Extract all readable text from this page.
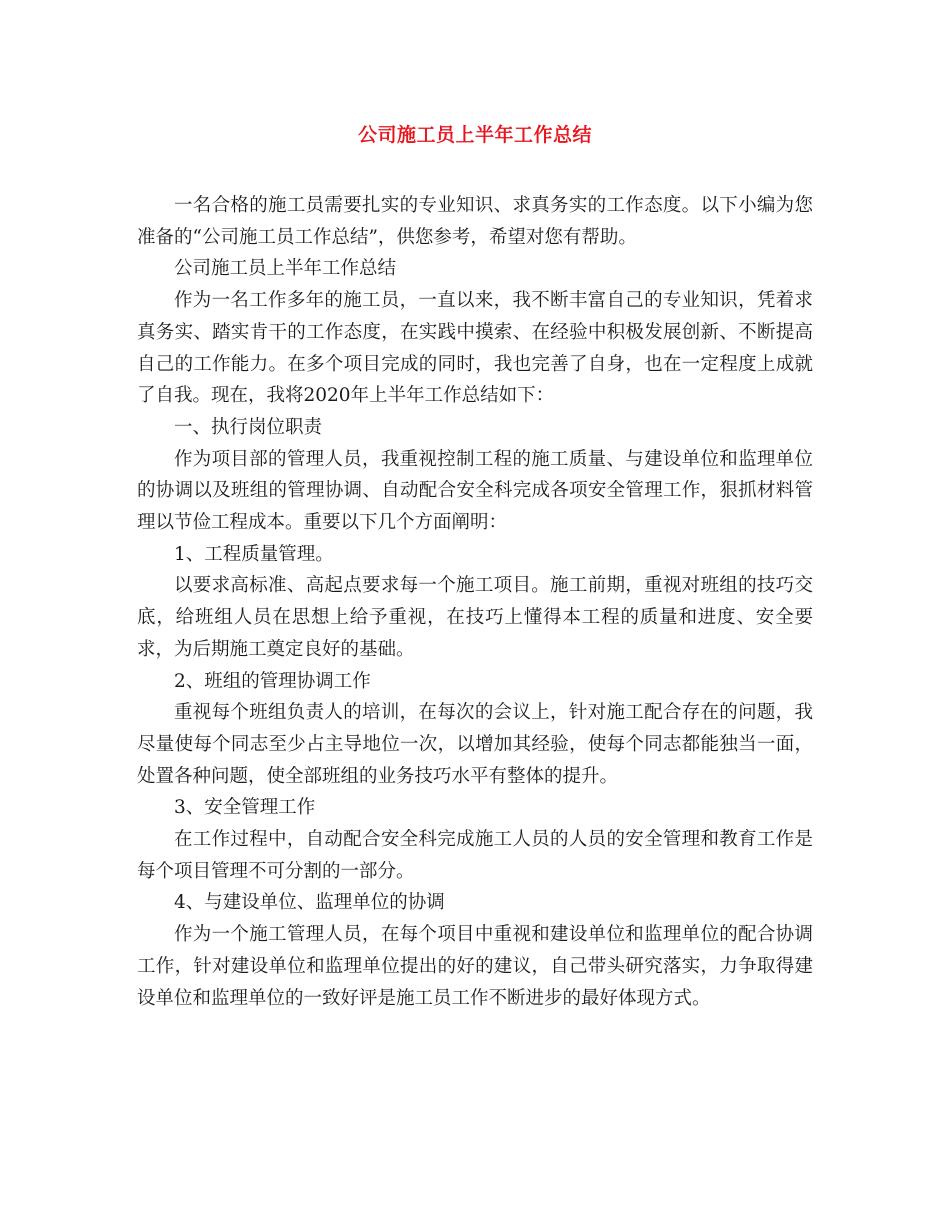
公司施工员上半年工作总结

一名合格的施工员需要扎实的专业知识、求真务实的工作态度。以下小编为您准备的“公司施工员工作总结”，供您参考，希望对您有帮助。

公司施工员上半年工作总结

作为一名工作多年的施工员，一直以来，我不断丰富自己的专业知识，凭着求真务实、踏实肯干的工作态度，在实践中摸索、在经验中积极发展创新、不断提高自己的工作能力。在多个项目完成的同时，我也完善了自身，也在一定程度上成就了自我。现在，我将2020年上半年工作总结如下：

一、执行岗位职责

作为项目部的管理人员，我重视控制工程的施工质量、与建设单位和监理单位的协调以及班组的管理协调、自动配合安全科完成各项安全管理工作，狠抓材料管理以节俭工程成本。重要以下几个方面阐明：

1、工程质量管理。

以要求高标准、高起点要求每一个施工项目。施工前期，重视对班组的技巧交底，给班组人员在思想上给予重视，在技巧上懂得本工程的质量和进度、安全要求，为后期施工奠定良好的基础。

2、班组的管理协调工作

重视每个班组负责人的培训，在每次的会议上，针对施工配合存在的问题，我尽量使每个同志至少占主导地位一次，以增加其经验，使每个同志都能独当一面，处置各种问题，使全部班组的业务技巧水平有整体的提升。

3、安全管理工作

在工作过程中，自动配合安全科完成施工人员的人员的安全管理和教育工作是每个项目管理不可分割的一部分。

4、与建设单位、监理单位的协调

作为一个施工管理人员，在每个项目中重视和建设单位和监理单位的配合协调工作，针对建设单位和监理单位提出的好的建议，自己带头研究落实，力争取得建设单位和监理单位的一致好评是施工员工作不断进步的最好体现方式。
